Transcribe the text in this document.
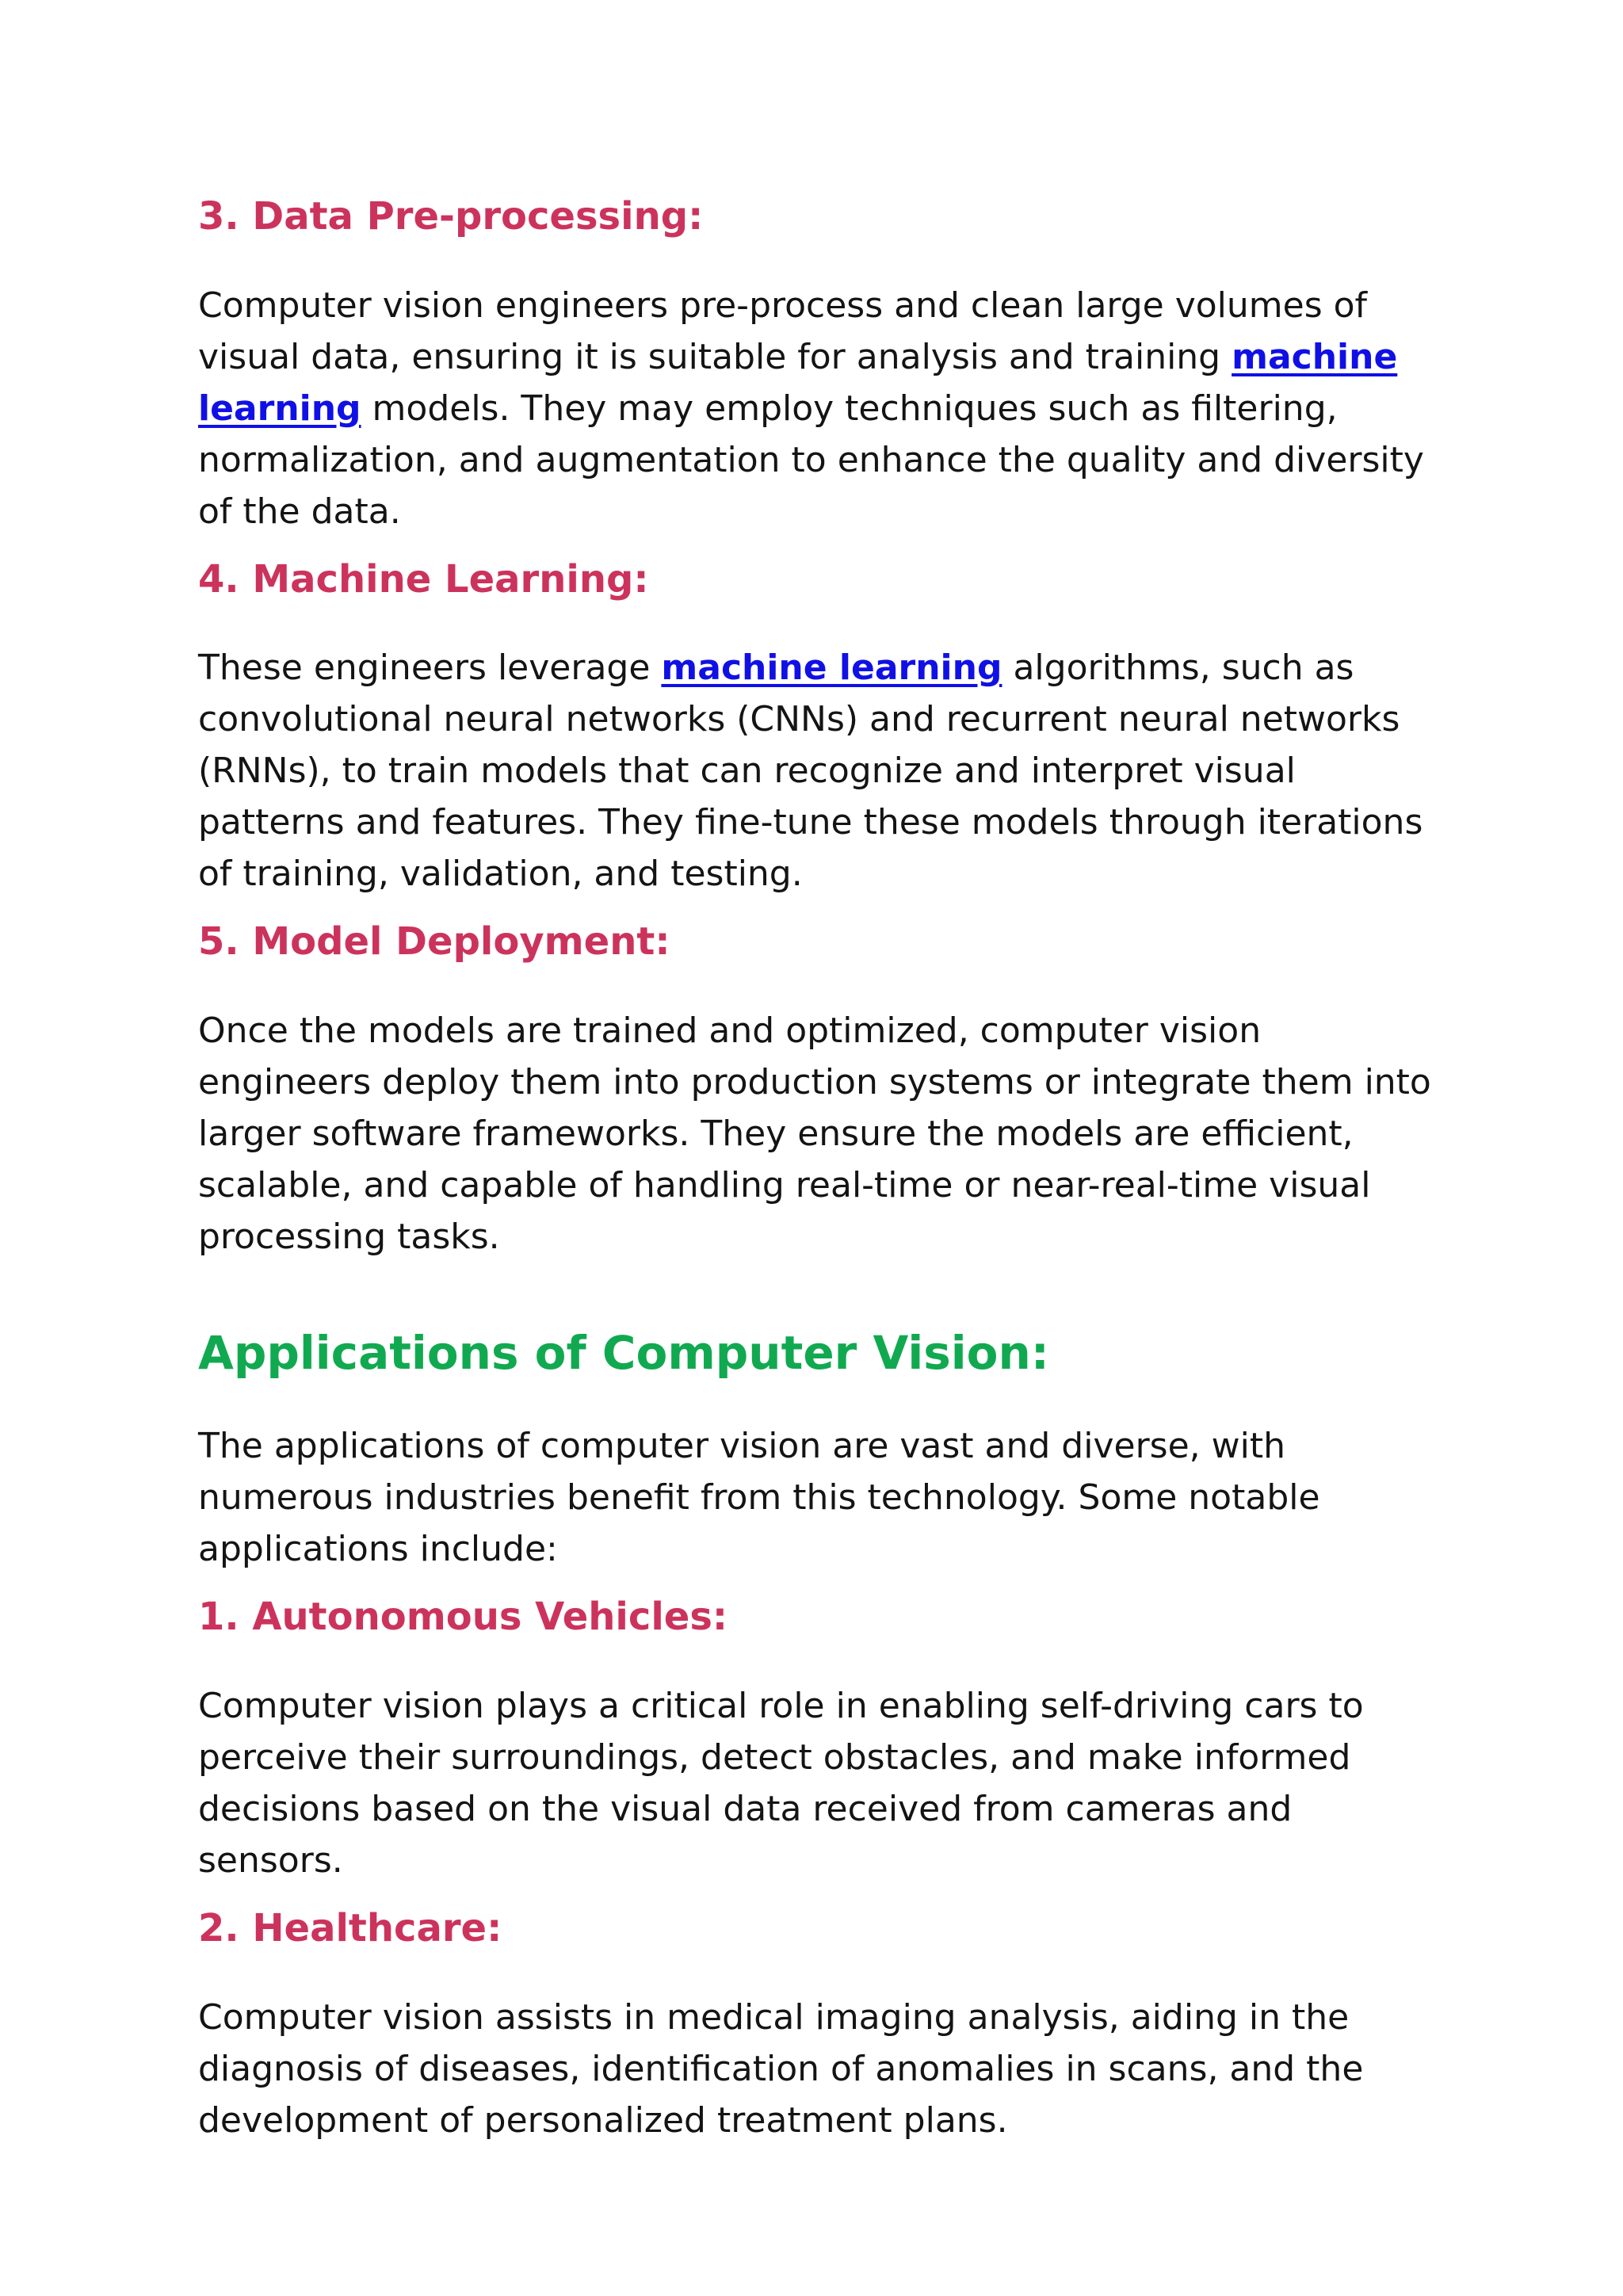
3. Data Pre-processing:

Computer vision engineers pre-process and clean large volumes of visual data, ensuring it is suitable for analysis and training machine learning models. They may employ techniques such as filtering, normalization, and augmentation to enhance the quality and diversity of the data.

4. Machine Learning:

These engineers leverage machine learning algorithms, such as convolutional neural networks (CNNs) and recurrent neural networks (RNNs), to train models that can recognize and interpret visual patterns and features. They fine-tune these models through iterations of training, validation, and testing.

5. Model Deployment:

Once the models are trained and optimized, computer vision engineers deploy them into production systems or integrate them into larger software frameworks. They ensure the models are efficient, scalable, and capable of handling real-time or near-real-time visual processing tasks.

Applications of Computer Vision:

The applications of computer vision are vast and diverse, with numerous industries benefit from this technology. Some notable applications include:

1. Autonomous Vehicles:

Computer vision plays a critical role in enabling self-driving cars to perceive their surroundings, detect obstacles, and make informed decisions based on the visual data received from cameras and sensors.

2. Healthcare:

Computer vision assists in medical imaging analysis, aiding in the diagnosis of diseases, identification of anomalies in scans, and the development of personalized treatment plans.
